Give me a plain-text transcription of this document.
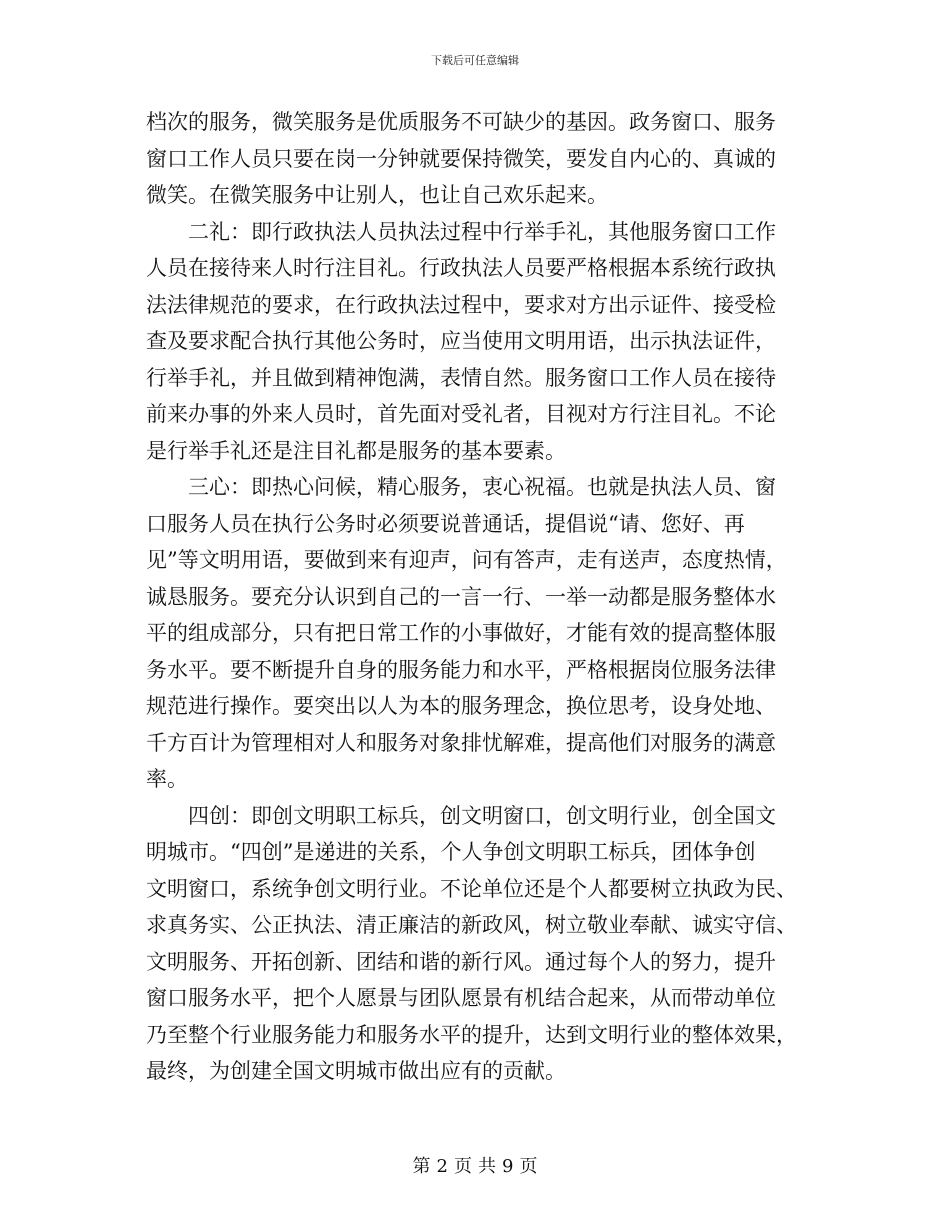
下载后可任意编辑
档次的服务，微笑服务是优质服务不可缺少的基因。政务窗口、服务
窗口工作人员只要在岗一分钟就要保持微笑，要发自内心的、真诚的
微笑。在微笑服务中让别人，也让自己欢乐起来。
　　二礼：即行政执法人员执法过程中行举手礼，其他服务窗口工作
人员在接待来人时行注目礼。行政执法人员要严格根据本系统行政执
法法律规范的要求，在行政执法过程中，要求对方出示证件、接受检
查及要求配合执行其他公务时，应当使用文明用语，出示执法证件，
行举手礼，并且做到精神饱满，表情自然。服务窗口工作人员在接待
前来办事的外来人员时，首先面对受礼者，目视对方行注目礼。不论
是行举手礼还是注目礼都是服务的基本要素。
　　三心：即热心问候，精心服务，衷心祝福。也就是执法人员、窗
口服务人员在执行公务时必须要说普通话，提倡说“请、您好、再
见”等文明用语，要做到来有迎声，问有答声，走有送声，态度热情，
诚恳服务。要充分认识到自己的一言一行、一举一动都是服务整体水
平的组成部分，只有把日常工作的小事做好，才能有效的提高整体服
务水平。要不断提升自身的服务能力和水平，严格根据岗位服务法律
规范进行操作。要突出以人为本的服务理念，换位思考，设身处地、
千方百计为管理相对人和服务对象排忧解难，提高他们对服务的满意
率。
　　四创：即创文明职工标兵，创文明窗口，创文明行业，创全国文
明城市。“四创”是递进的关系，个人争创文明职工标兵，团体争创
文明窗口，系统争创文明行业。不论单位还是个人都要树立执政为民、
求真务实、公正执法、清正廉洁的新政风，树立敬业奉献、诚实守信、
文明服务、开拓创新、团结和谐的新行风。通过每个人的努力，提升
窗口服务水平，把个人愿景与团队愿景有机结合起来，从而带动单位
乃至整个行业服务能力和服务水平的提升，达到文明行业的整体效果，
最终，为创建全国文明城市做出应有的贡献。
第 2 页 共 9 页
